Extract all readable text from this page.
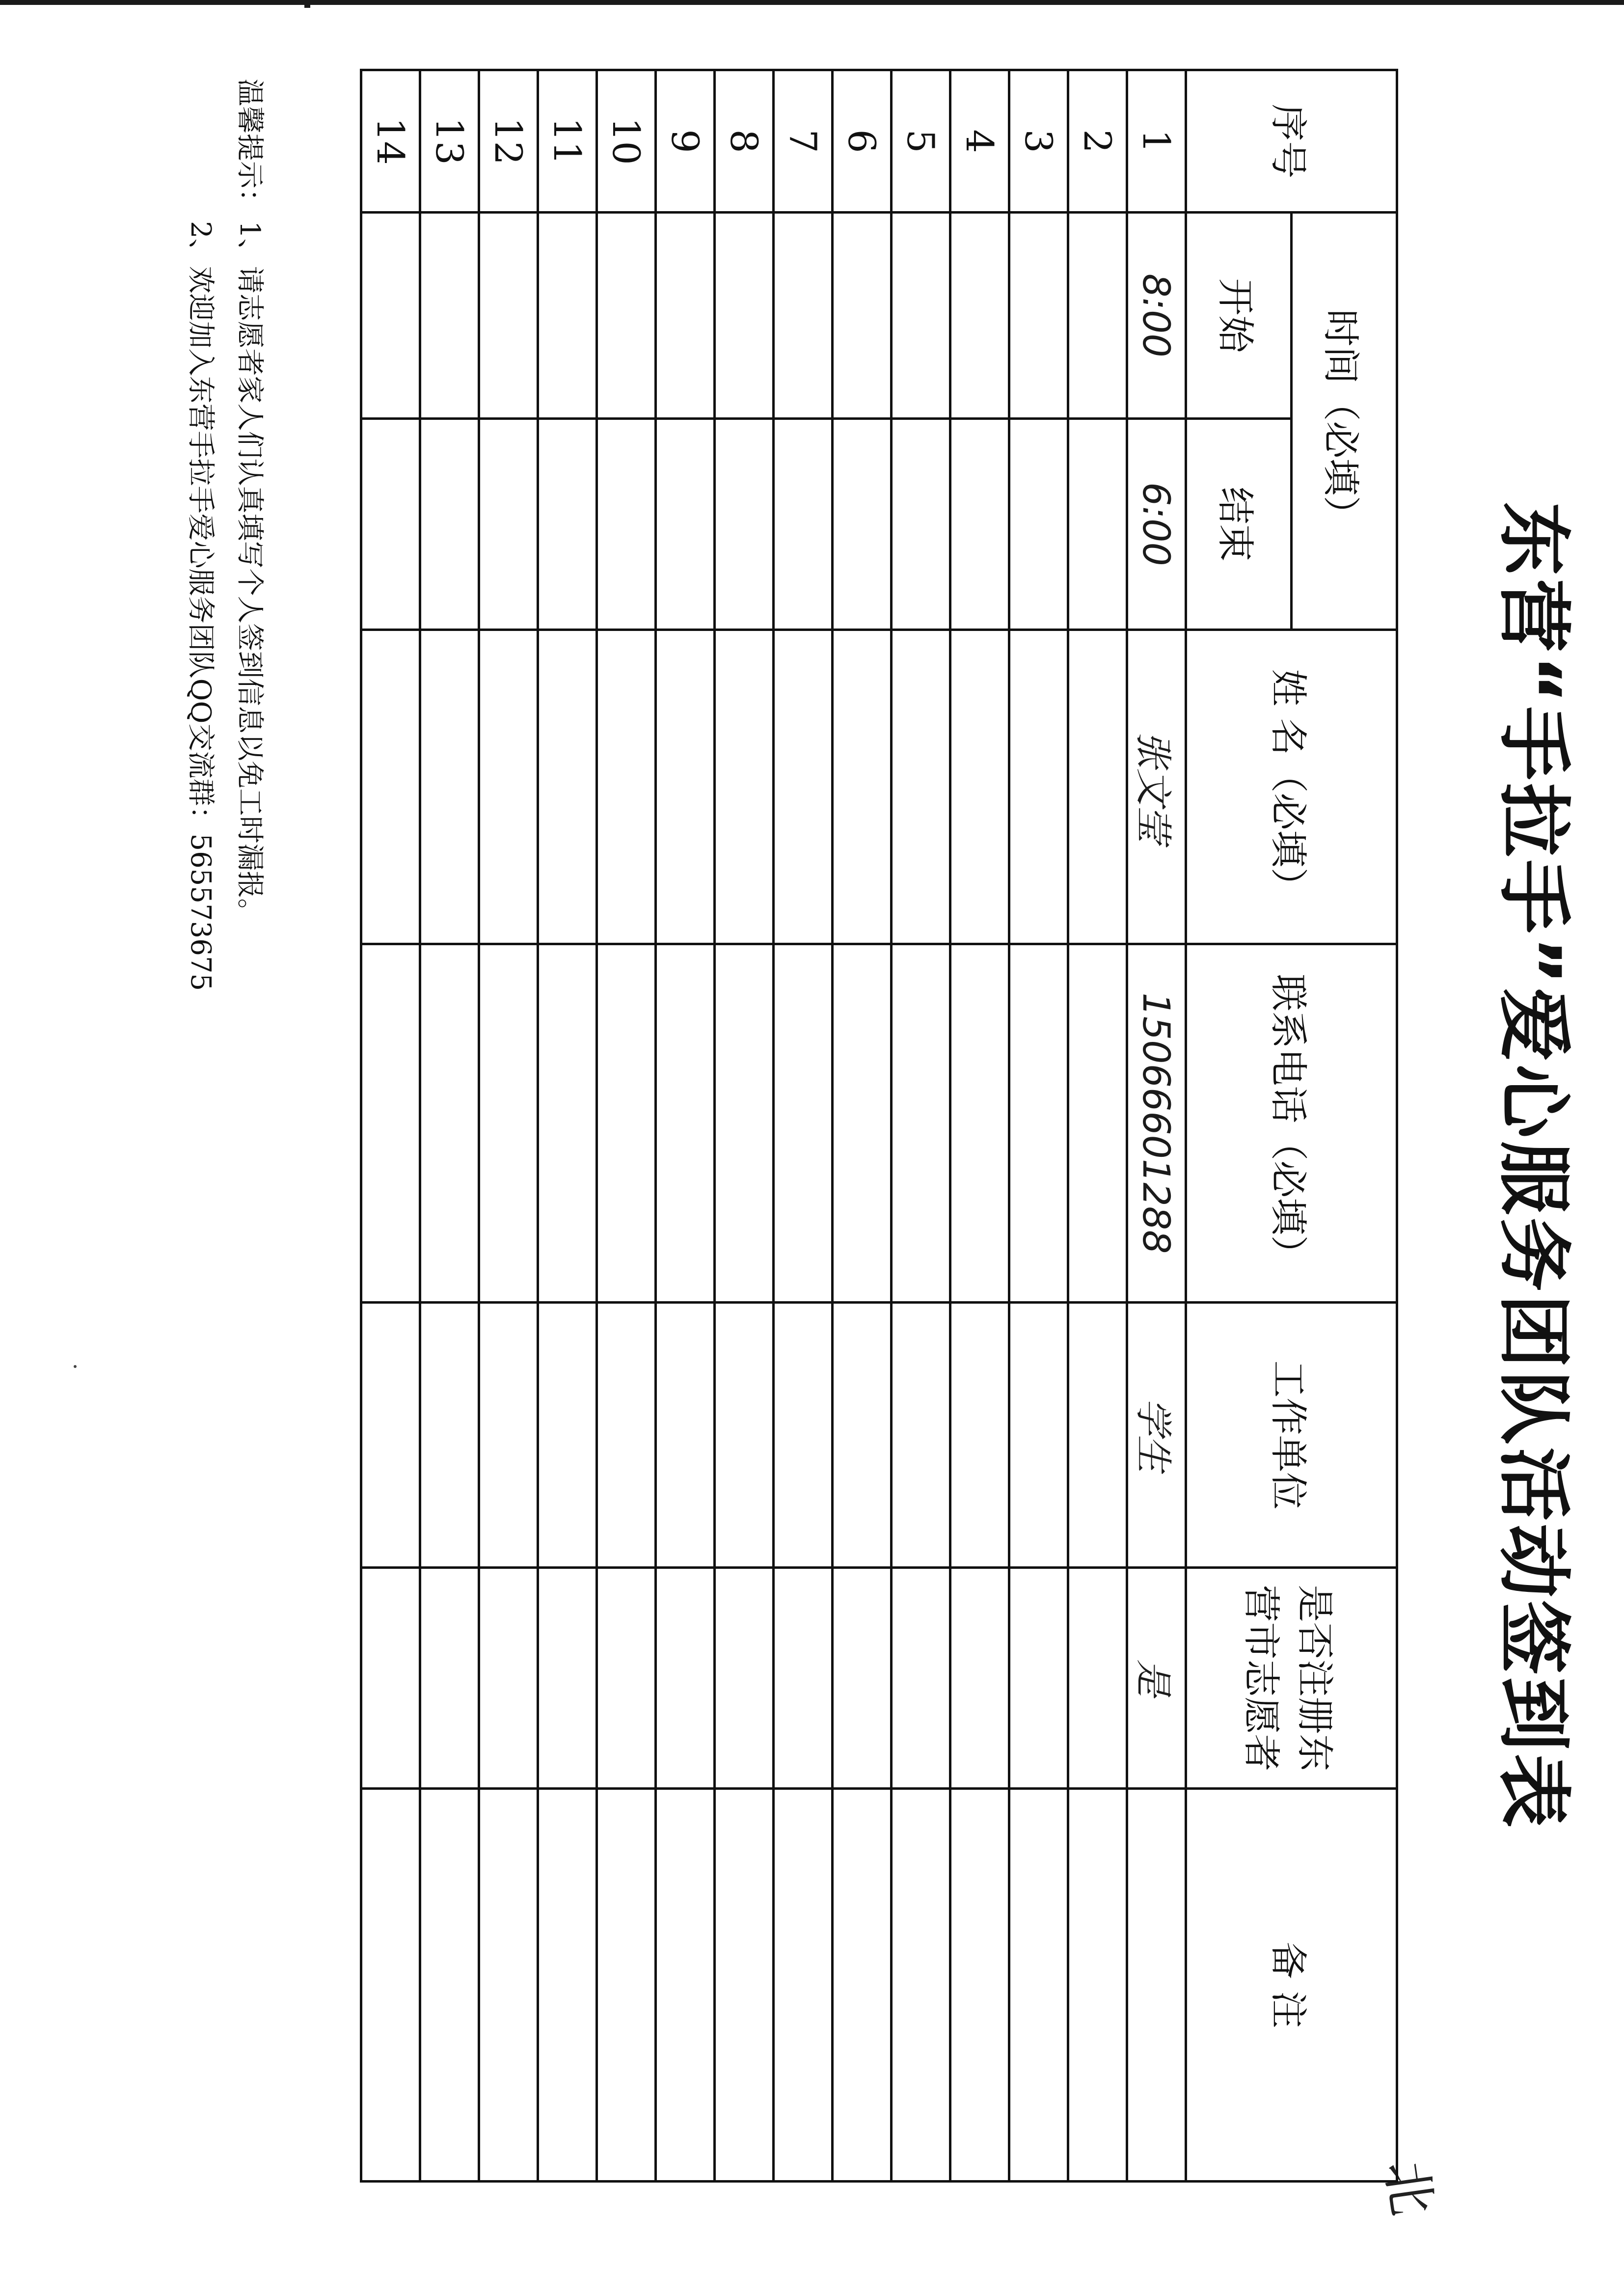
东营“手拉手”爱心服务团队活动签到表
北
序号	时间（必填）		姓 名（必填）	联系电话（必填）	工作单位	是否注册东营市志愿者	备 注
	开始	结束					
1	8:00	6:00	张文莹	15066601288	学生	是	
2							
3							
4							
5							
6							
7							
8							
9							
10							
11							
12							
13							
14							
温馨提示：1、请志愿者家人们认真填写个人签到信息以免工时漏报。
2、欢迎加入东营手拉手爱心服务团队QQ交流群：565573675
